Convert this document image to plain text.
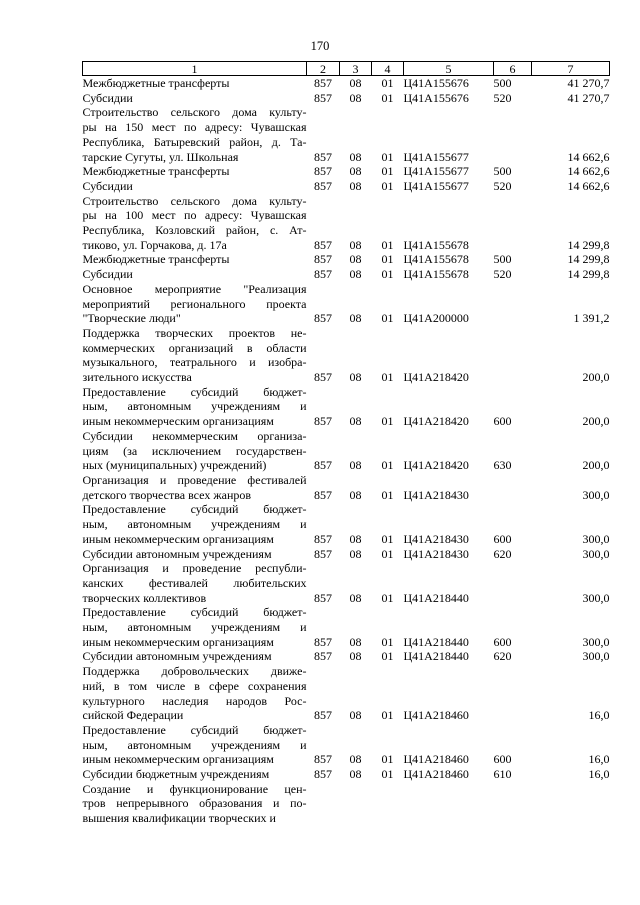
170
1	2	3	4	5	6	7

Межбюджетные трансферты	857	08	01	Ц41A155676	500	41 270,7

Субсидии	857	08	01	Ц41A155676	520	41 270,7

Строительство сельского дома культу-
ры на 150 мест по адресу: Чувашская
Республика, Батыревский район, д. Та-
тарские Сугуты, ул. Школьная	857	08	01	Ц41A155677		14 662,6

Межбюджетные трансферты	857	08	01	Ц41A155677	500	14 662,6

Субсидии	857	08	01	Ц41A155677	520	14 662,6

Строительство сельского дома культу-
ры на 100 мест по адресу: Чувашская
Республика, Козловский район, с. Ат-
тиково, ул. Горчакова, д. 17а	857	08	01	Ц41A155678		14 299,8

Межбюджетные трансферты	857	08	01	Ц41A155678	500	14 299,8

Субсидии	857	08	01	Ц41A155678	520	14 299,8

Основное мероприятие "Реализация
мероприятий регионального проекта
"Творческие люди"	857	08	01	Ц41A200000		1 391,2

Поддержка творческих проектов не-
коммерческих организаций в области
музыкального, театрального и изобра-
зительного искусства	857	08	01	Ц41A218420		200,0

Предоставление субсидий бюджет-
ным, автономным учреждениям и
иным некоммерческим организациям	857	08	01	Ц41A218420	600	200,0

Субсидии некоммерческим организа-
циям (за исключением государствен-
ных (муниципальных) учреждений)	857	08	01	Ц41A218420	630	200,0

Организация и проведение фестивалей
детского творчества всех жанров	857	08	01	Ц41A218430		300,0

Предоставление субсидий бюджет-
ным, автономным учреждениям и
иным некоммерческим организациям	857	08	01	Ц41A218430	600	300,0

Субсидии автономным учреждениям	857	08	01	Ц41A218430	620	300,0

Организация и проведение республи-
канских фестивалей любительских
творческих коллективов	857	08	01	Ц41A218440		300,0

Предоставление субсидий бюджет-
ным, автономным учреждениям и
иным некоммерческим организациям	857	08	01	Ц41A218440	600	300,0

Субсидии автономным учреждениям	857	08	01	Ц41A218440	620	300,0

Поддержка добровольческих движе-
ний, в том числе в сфере сохранения
культурного наследия народов Рос-
сийской Федерации	857	08	01	Ц41A218460		16,0

Предоставление субсидий бюджет-
ным, автономным учреждениям и
иным некоммерческим организациям	857	08	01	Ц41A218460	600	16,0

Субсидии бюджетным учреждениям	857	08	01	Ц41A218460	610	16,0

Создание и функционирование цен-
тров непрерывного образования и по-
вышения квалификации творческих и						
